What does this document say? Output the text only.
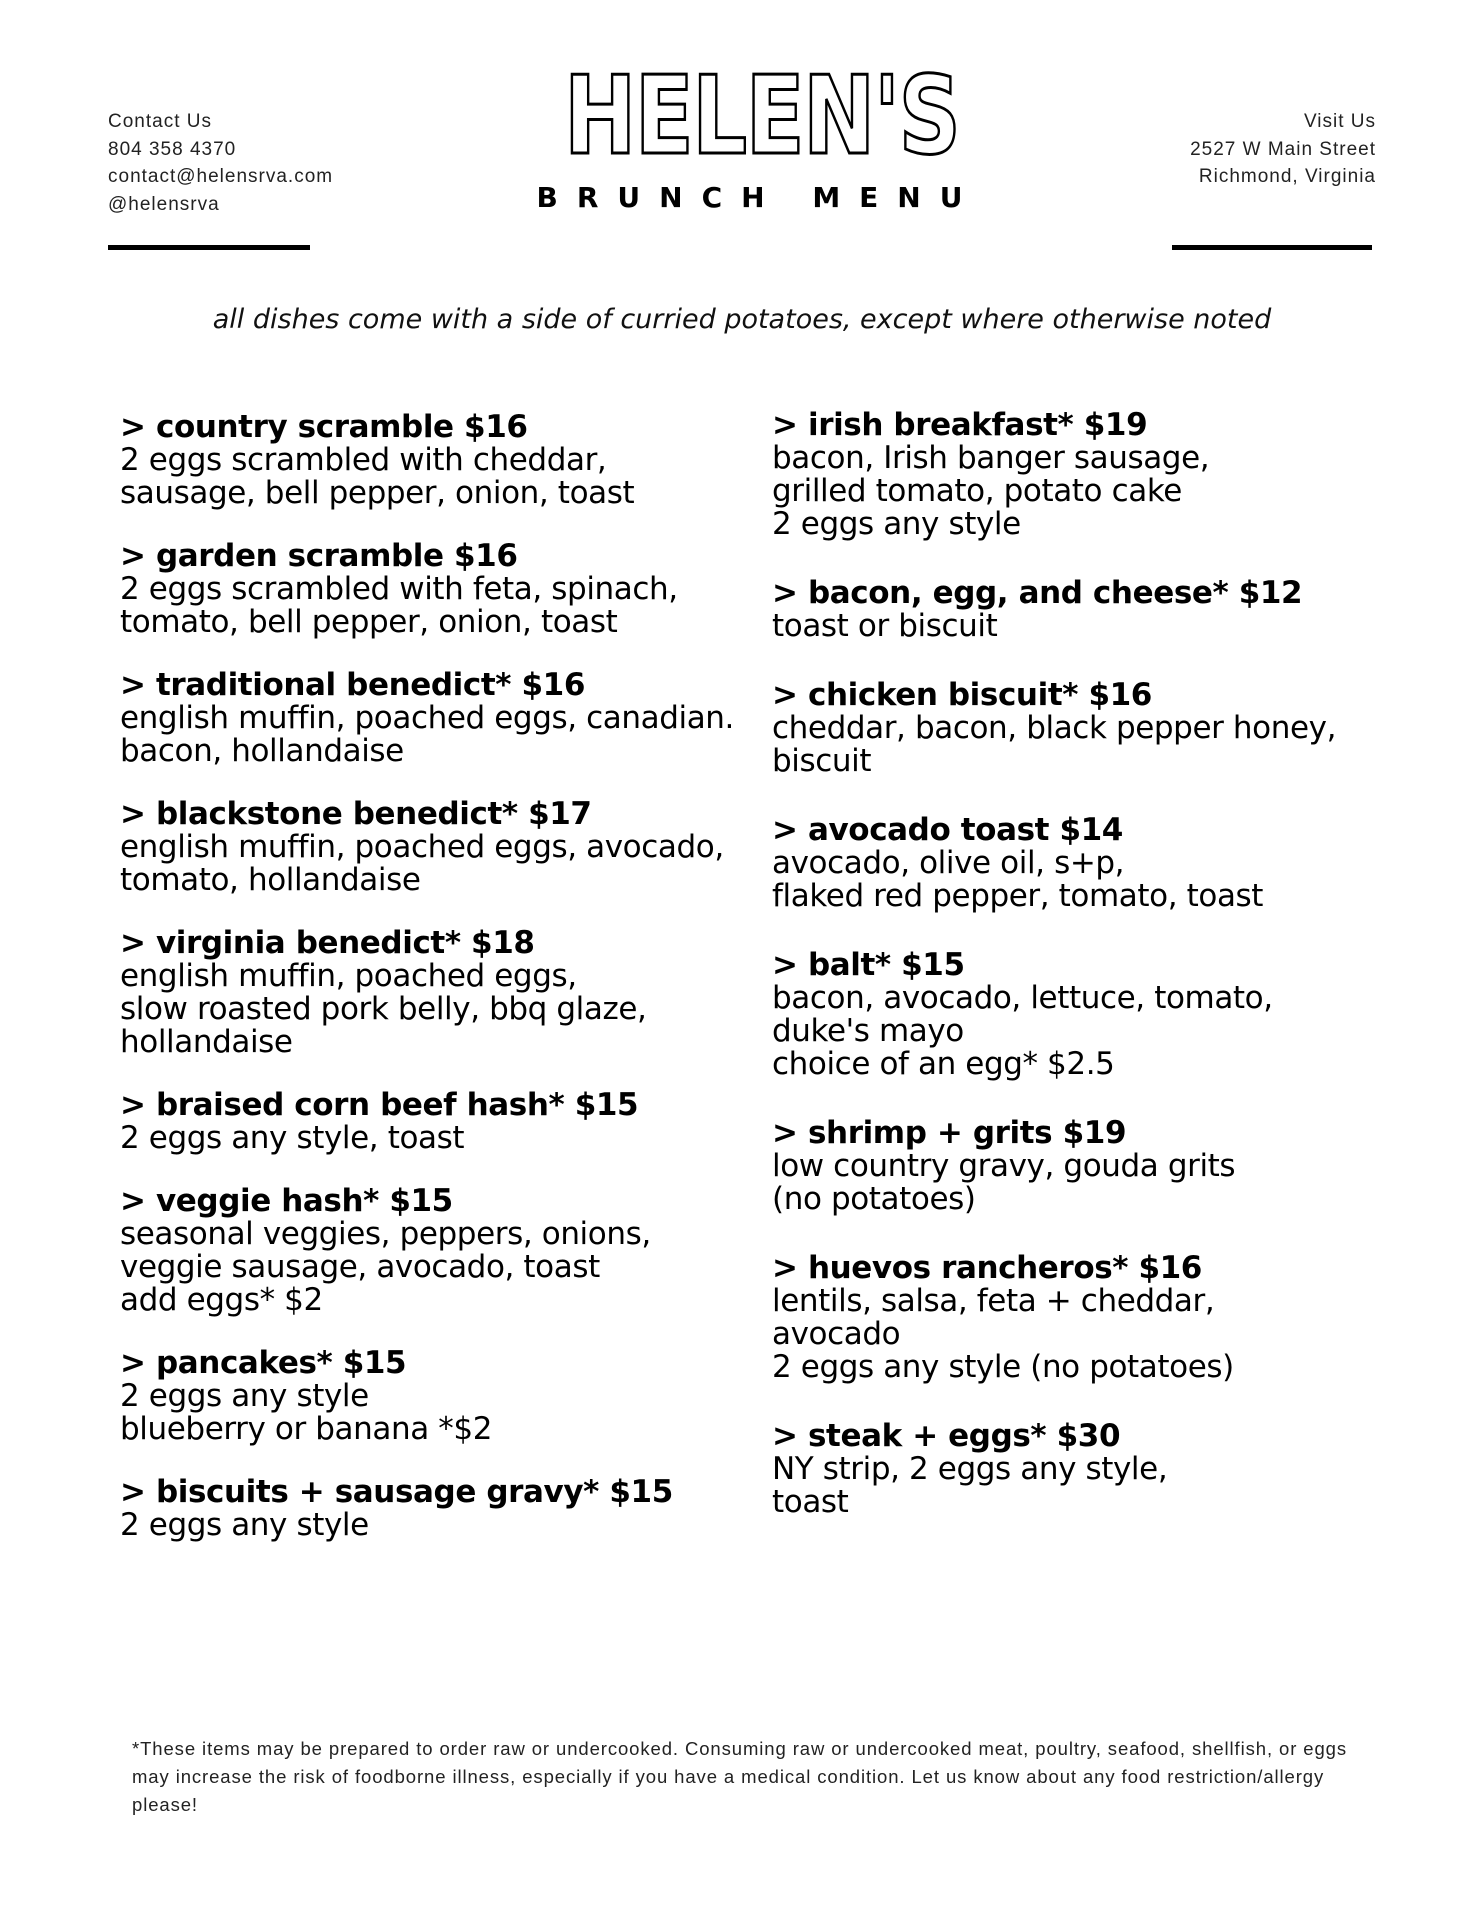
Contact Us
804 358 4370
contact@helensrva.com
@helensrva
HELEN'S
BRUNCH MENU
Visit Us
2527 W Main Street
Richmond, Virginia
all dishes come with a side of curried potatoes, except where otherwise noted
> country scramble $16
2 eggs scrambled with cheddar,
sausage, bell pepper, onion, toast
> garden scramble $16
2 eggs scrambled with feta, spinach,
tomato, bell pepper, onion, toast
> traditional benedict* $16
english muffin, poached eggs, canadian.
bacon, hollandaise
> blackstone benedict* $17
english muffin, poached eggs, avocado,
tomato, hollandaise
> virginia benedict* $18
english muffin, poached eggs,
slow roasted pork belly, bbq glaze,
hollandaise
> braised corn beef hash* $15
2 eggs any style, toast
> veggie hash* $15
seasonal veggies, peppers, onions,
veggie sausage, avocado, toast
add eggs* $2
> pancakes* $15
2 eggs any style
blueberry or banana *$2
> biscuits + sausage gravy* $15
2 eggs any style
> irish breakfast* $19
bacon, Irish banger sausage,
grilled tomato, potato cake
2 eggs any style
> bacon, egg, and cheese* $12
toast or biscuit
> chicken biscuit* $16
cheddar, bacon, black pepper honey,
biscuit
> avocado toast $14
avocado, olive oil, s+p,
flaked red pepper, tomato, toast
> balt* $15
bacon, avocado, lettuce, tomato,
duke's mayo
choice of an egg* $2.5
> shrimp + grits $19
low country gravy, gouda grits
(no potatoes)
> huevos rancheros* $16
lentils, salsa, feta + cheddar,
avocado
2 eggs any style (no potatoes)
> steak + eggs* $30
NY strip, 2 eggs any style,
toast
*These items may be prepared to order raw or undercooked. Consuming raw or undercooked meat, poultry, seafood, shellfish, or eggs may increase the risk of foodborne illness, especially if you have a medical condition. Let us know about any food restriction/allergy please!
